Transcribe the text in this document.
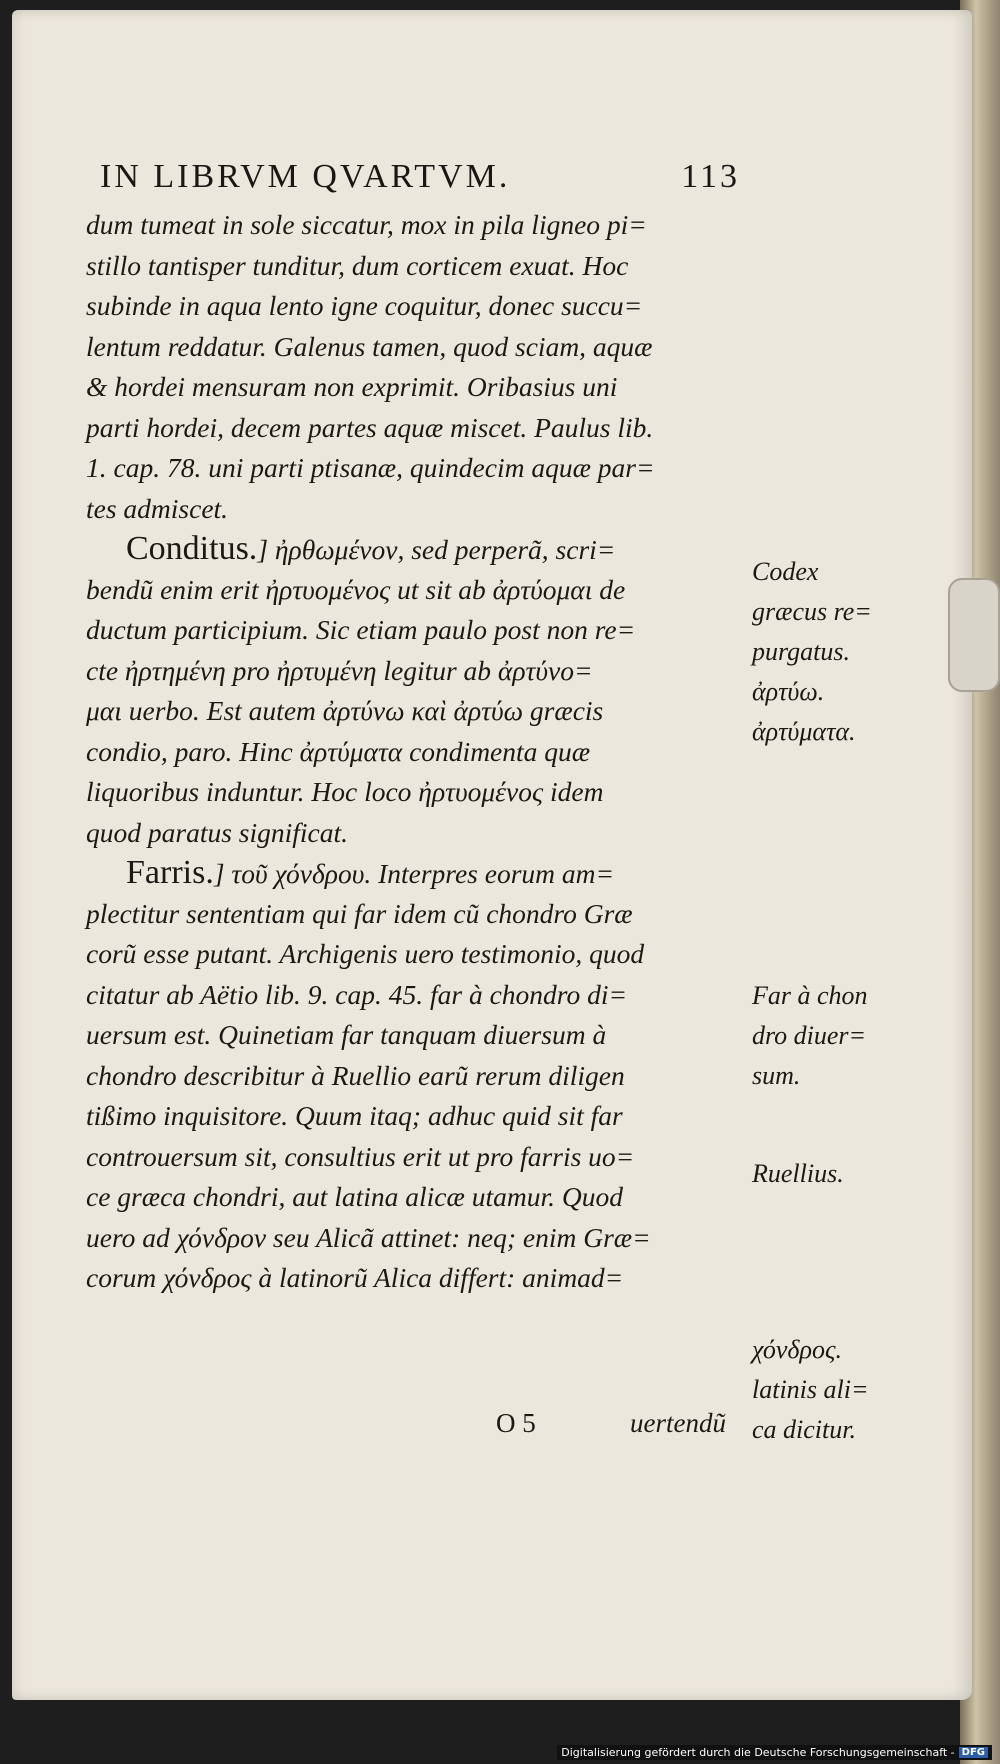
IN LIBRVM QVARTVM.	113
dum tumeat in sole siccatur, mox in pila ligneo pi=
stillo tantisper tunditur, dum corticem exuat. Hoc
subinde in aqua lento igne coquitur, donec succu=
lentum reddatur. Galenus tamen, quod sciam, aquæ
& hordei mensuram non exprimit. Oribasius uni
parti hordei, decem partes aquæ miscet. Paulus lib.
1. cap. 78. uni parti ptisanæ, quindecim aquæ par=
tes admiscet.
Conditus.] ἠρθωμένον, sed perperã, scri=
bendũ enim erit ἠρτυομένος ut sit ab ἀρτύομαι de
ductum participium. Sic etiam paulo post non re=
cte ἠρτημένη pro ἠρτυμένη legitur ab ἀρτύνο=
μαι uerbo. Est autem ἀρτύνω καὶ ἀρτύω græcis
condio, paro. Hinc ἀρτύματα condimenta quæ
liquoribus induntur. Hoc loco ἠρτυομένος idem
quod paratus significat.
Farris.] τοῦ χόνδρου. Interpres eorum am=
plectitur sententiam qui far idem cũ chondro Græ
corũ esse putant. Archigenis uero testimonio, quod
citatur ab Aëtio lib. 9. cap. 45. far à chondro di=
uersum est. Quinetiam far tanquam diuersum à
chondro describitur à Ruellio earũ rerum diligen
tißimo inquisitore. Quum itaq; adhuc quid sit far
controuersum sit, consultius erit ut pro farris uo=
ce græca chondri, aut latina alicæ utamur. Quod
uero ad χόνδρον seu Alicã attinet: neq; enim Græ=
corum χόνδρος à latinorũ Alica differt: animad=
Codex
græcus re=
purgatus.
ἀρτύω.
ἀρτύματα.
Far à chon
dro diuer=
sum.
Ruellius.
χόνδρος.
latinis ali=
ca dicitur.
O 5	uertendũ
Digitalisierung gefördert durch die Deutsche Forschungsgemeinschaft - DFG
